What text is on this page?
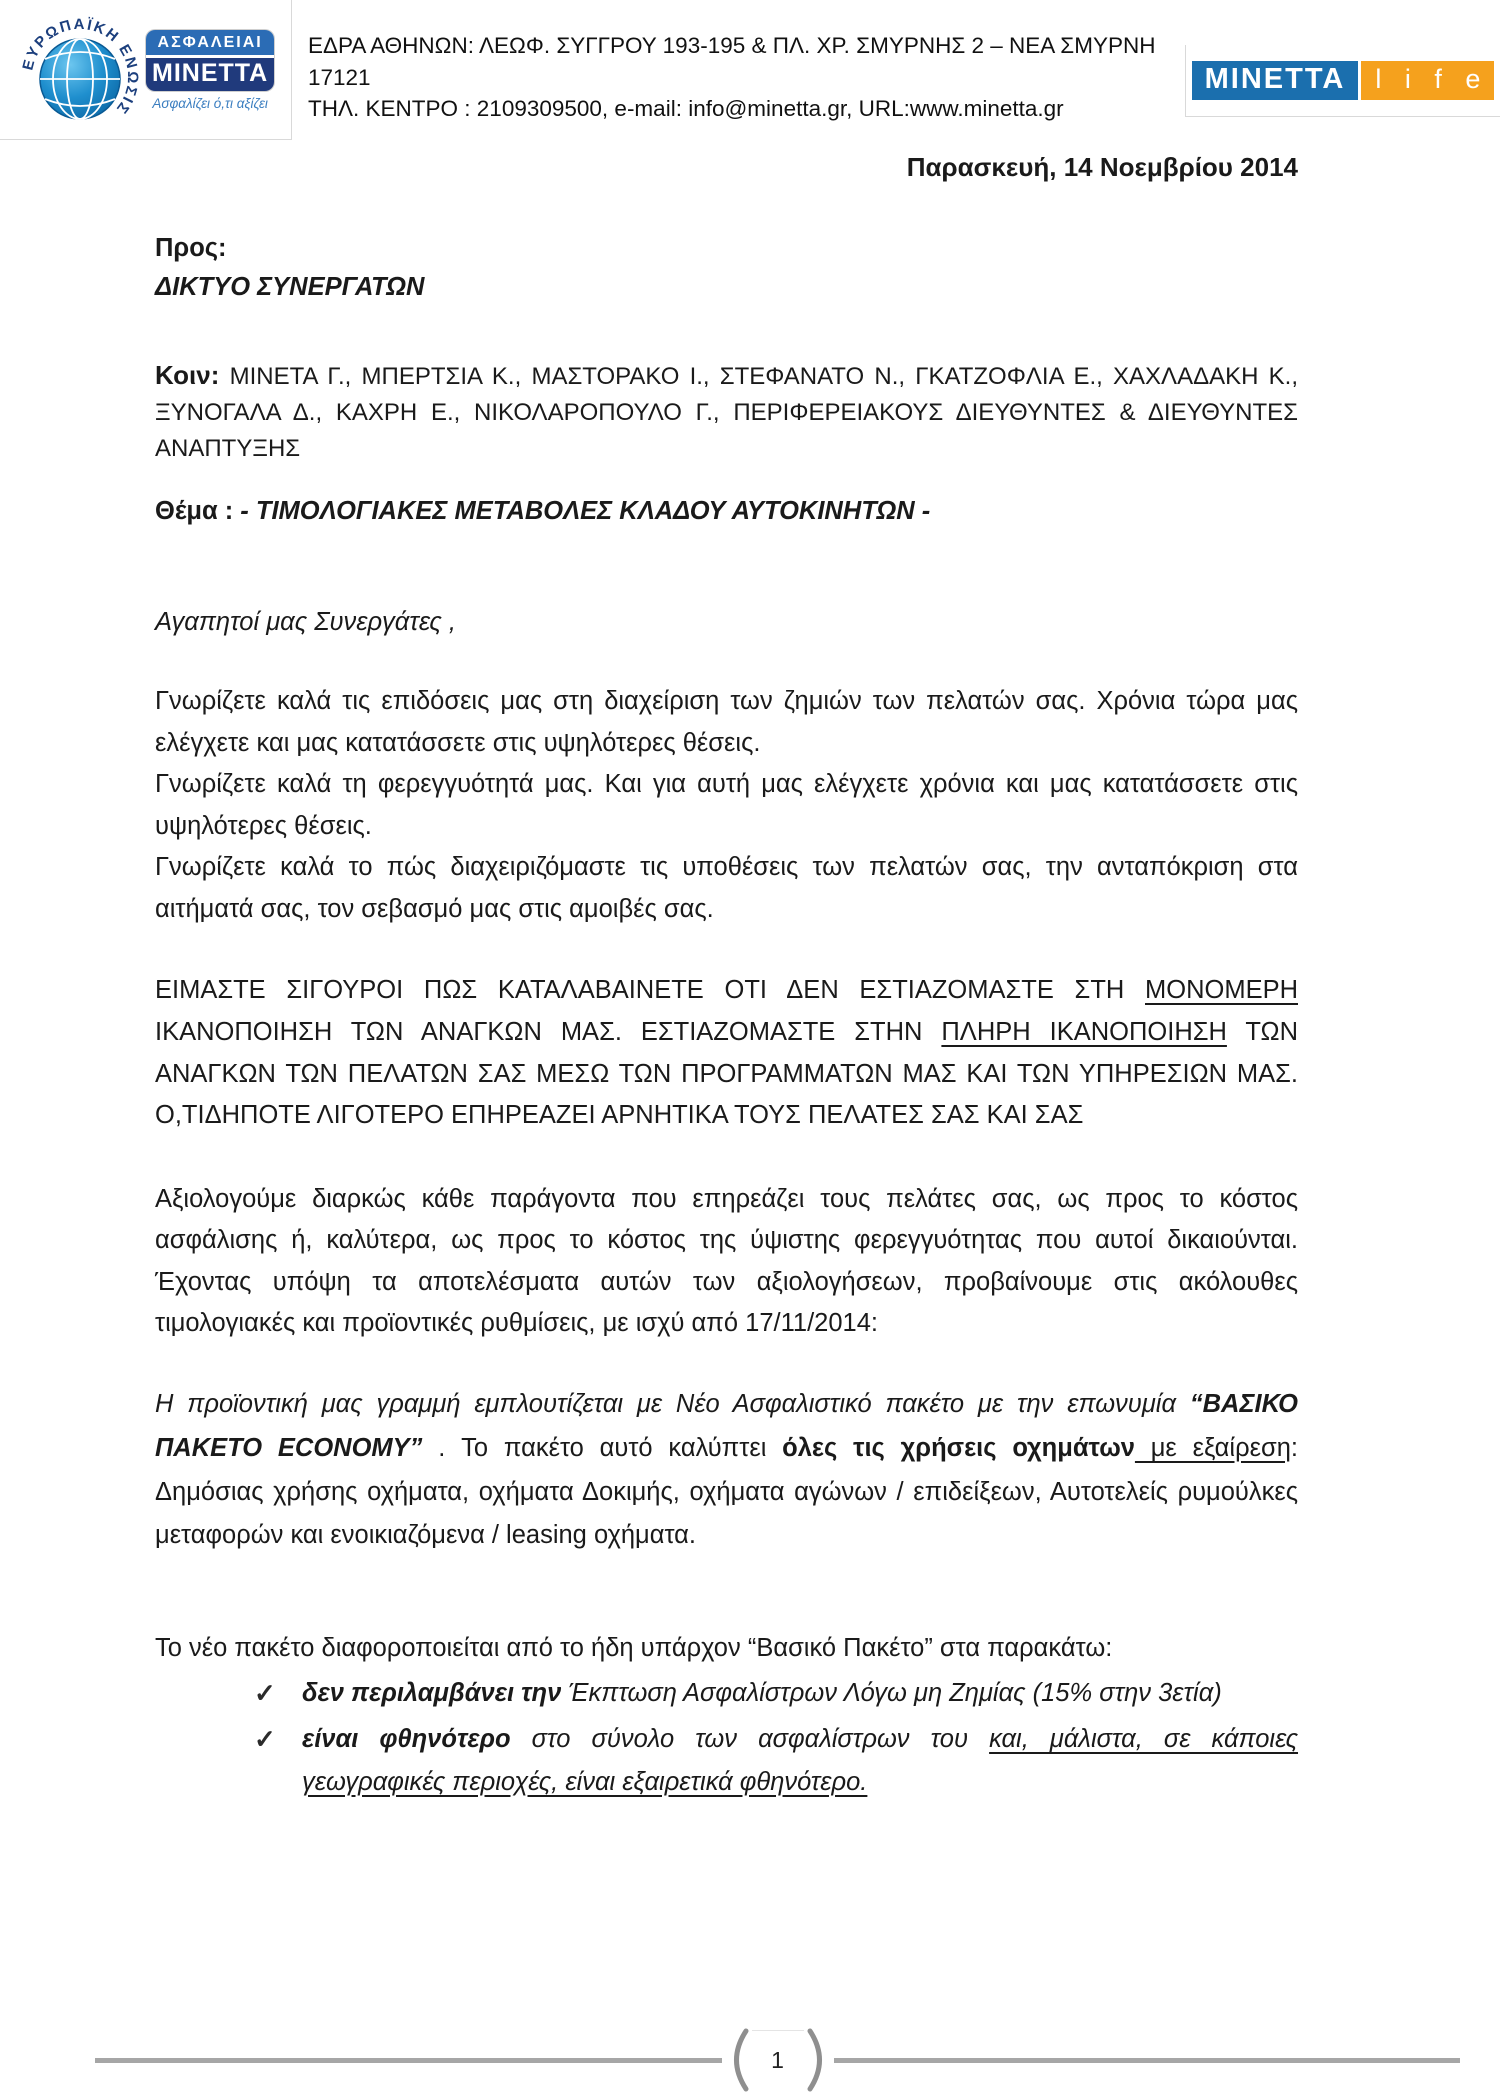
ΕΥΡΩΠΑΪΚΗ ΕΝΩΣΙΣ
ΑΣΦΑΛΕΙΑΙ
MINETTA
Ασφαλίζει ό,τι αξίζει
ΕΔΡΑ ΑΘΗΝΩΝ: ΛΕΩΦ. ΣΥΓΓΡΟΥ 193-195 & ΠΛ. ΧΡ. ΣΜΥΡΝΗΣ 2 – ΝΕΑ ΣΜΥΡΝΗ 17121
ΤΗΛ. ΚΕΝΤΡΟ : 2109309500, e-mail: info@minetta.gr, URL:www.minetta.gr
MINETTA	l i f e
Παρασκευή, 14 Νοεμβρίου 2014
Προς:
ΔΙΚΤΥΟ ΣΥΝΕΡΓΑΤΩΝ

Κοιν: ΜΙΝΕΤΑ Γ., ΜΠΕΡΤΣΙΑ Κ., ΜΑΣΤΟΡΑΚΟ Ι., ΣΤΕΦΑΝΑΤΟ Ν., ΓΚΑΤΖΟΦΛΙΑ Ε., ΧΑΧΛΑΔΑΚΗ Κ., ΞΥΝΟΓΑΛΑ Δ., ΚΑΧΡΗ Ε., ΝΙΚΟΛΑΡΟΠΟΥΛΟ Γ., ΠΕΡΙΦΕΡΕΙΑΚΟΥΣ ΔΙΕΥΘΥΝΤΕΣ & ΔΙΕΥΘΥΝΤΕΣ ΑΝΑΠΤΥΞΗΣ

Θέμα : - ΤΙΜΟΛΟΓΙΑΚΕΣ ΜΕΤΑΒΟΛΕΣ ΚΛΑΔΟΥ ΑΥΤΟΚΙΝΗΤΩΝ -
Αγαπητοί μας Συνεργάτες ,

Γνωρίζετε καλά τις επιδόσεις μας στη διαχείριση των ζημιών των πελατών σας. Χρόνια τώρα μας ελέγχετε και μας κατατάσσετε στις υψηλότερες θέσεις.

Γνωρίζετε καλά τη φερεγγυότητά μας. Και για αυτή μας ελέγχετε χρόνια και μας κατατάσσετε στις υψηλότερες θέσεις.

Γνωρίζετε καλά το πώς διαχειριζόμαστε τις υποθέσεις των πελατών σας, την ανταπόκριση στα αιτήματά σας, τον σεβασμό μας στις αμοιβές σας.

ΕΙΜΑΣΤΕ ΣΙΓΟΥΡΟΙ ΠΩΣ ΚΑΤΑΛΑΒΑΙΝΕΤΕ ΟΤΙ ΔΕΝ ΕΣΤΙΑΖΟΜΑΣΤΕ ΣΤΗ ΜΟΝΟΜΕΡΗ ΙΚΑΝΟΠΟΙΗΣΗ ΤΩΝ ΑΝΑΓΚΩΝ ΜΑΣ. ΕΣΤΙΑΖΟΜΑΣΤΕ ΣΤΗΝ ΠΛΗΡΗ ΙΚΑΝΟΠΟΙΗΣΗ ΤΩΝ ΑΝΑΓΚΩΝ ΤΩΝ ΠΕΛΑΤΩΝ ΣΑΣ ΜΕΣΩ ΤΩΝ ΠΡΟΓΡΑΜΜΑΤΩΝ ΜΑΣ ΚΑΙ ΤΩΝ ΥΠΗΡΕΣΙΩΝ ΜΑΣ. Ο,ΤΙΔΗΠΟΤΕ ΛΙΓΟΤΕΡΟ ΕΠΗΡΕΑΖΕΙ ΑΡΝΗΤΙΚΑ ΤΟΥΣ ΠΕΛΑΤΕΣ ΣΑΣ ΚΑΙ ΣΑΣ

Αξιολογούμε διαρκώς κάθε παράγοντα που επηρεάζει τους πελάτες σας, ως προς το κόστος ασφάλισης ή, καλύτερα, ως προς το κόστος της ύψιστης φερεγγυότητας που αυτοί δικαιούνται. Έχοντας υπόψη τα αποτελέσματα αυτών των αξιολογήσεων, προβαίνουμε στις ακόλουθες τιμολογιακές και προϊοντικές ρυθμίσεις, με ισχύ από 17/11/2014:

Η προϊοντική μας γραμμή εμπλουτίζεται με Νέο Ασφαλιστικό πακέτο με την επωνυμία “ΒΑΣΙΚΟ ΠΑΚΕΤΟ ECONOMY” . Το πακέτο αυτό καλύπτει όλες τις χρήσεις οχημάτων με εξαίρεση: Δημόσιας χρήσης οχήματα, οχήματα Δοκιμής, οχήματα αγώνων / επιδείξεων, Αυτοτελείς ρυμούλκες μεταφορών και ενοικιαζόμενα / leasing οχήματα.

Το νέο πακέτο διαφοροποιείται από το ήδη υπάρχον “Βασικό Πακέτο” στα παρακάτω:

✓	δεν περιλαμβάνει την Έκπτωση Ασφαλίστρων Λόγω μη Ζημίας (15% στην 3ετία)
✓	είναι φθηνότερο στο σύνολο των ασφαλίστρων του και, μάλιστα, σε κάποιες γεωγραφικές περιοχές, είναι εξαιρετικά φθηνότερο.
1
